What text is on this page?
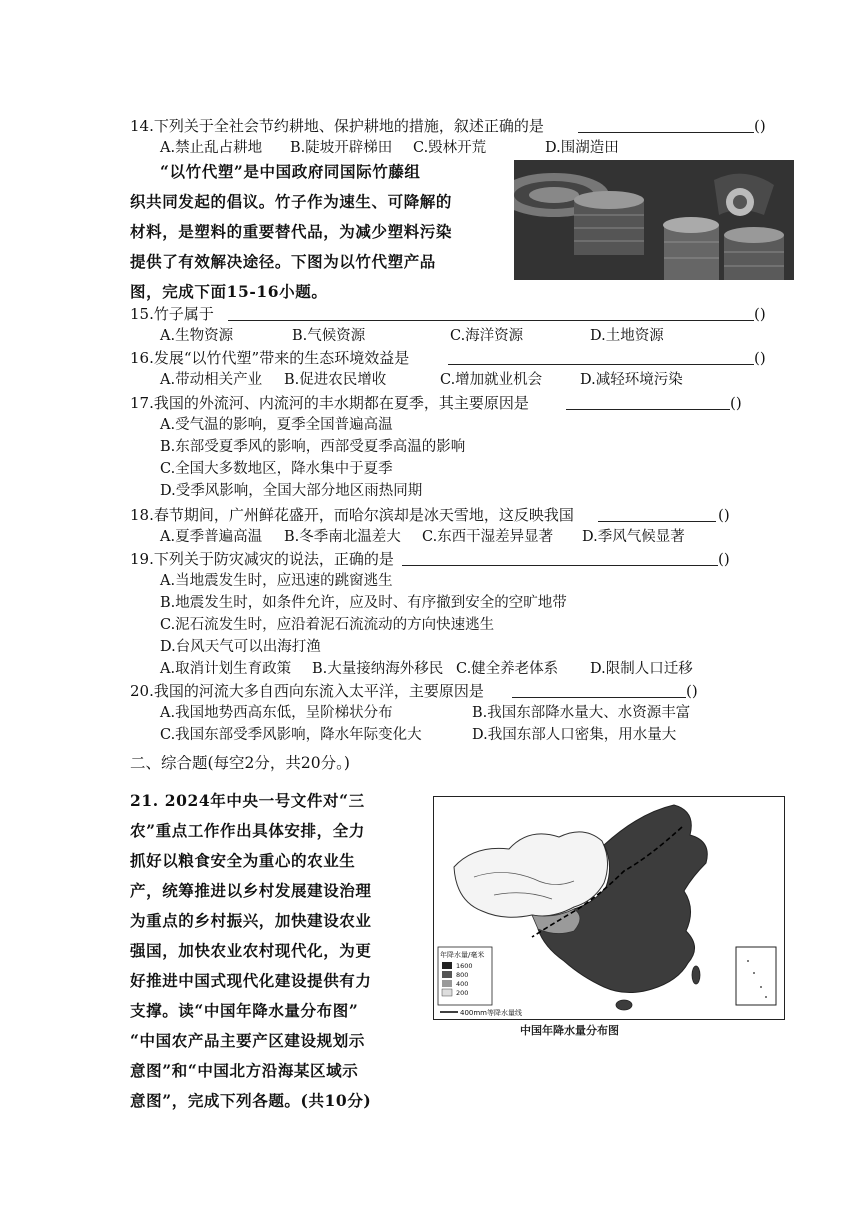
14.下列关于全社会节约耕地、保护耕地的措施，叙述正确的是	()
A.禁止乱占耕地 B.陡坡开辟梯田 C.毁林开荒	D.围湖造田
“以竹代塑”是中国政府同国际竹藤组
织共同发起的倡议。竹子作为速生、可降解的
材料，是塑料的重要替代品，为减少塑料污染
提供了有效解决途径。下图为以竹代塑产品
图，完成下面15-16小题。
15.竹子属于	()
A.生物资源	B.气候资源	C.海洋资源	D.土地资源
16.发展“以竹代塑”带来的生态环境效益是	()
A.带动相关产业 B.促进农民增收	C.增加就业机会	D.减轻环境污染
17.我国的外流河、内流河的丰水期都在夏季，其主要原因是	()
A.受气温的影响，夏季全国普遍高温
B.东部受夏季风的影响，西部受夏季高温的影响
C.全国大多数地区，降水集中于夏季
D.受季风影响，全国大部分地区雨热同期
18.春节期间，广州鲜花盛开，而哈尔滨却是冰天雪地，这反映我国	()
A.夏季普遍高温 B.冬季南北温差大 C.东西干湿差异显著 D.季风气候显著
19.下列关于防灾减灾的说法，正确的是	()
A.当地震发生时，应迅速的跳窗逃生
B.地震发生时，如条件允许，应及时、有序撤到安全的空旷地带
C.泥石流发生时，应沿着泥石流流动的方向快速逃生
D.台风天气可以出海打渔
A.取消计划生育政策 B.大量接纳海外移民 C.健全养老体系 D.限制人口迁移
20.我国的河流大多自西向东流入太平洋，主要原因是	()
A.我国地势西高东低，呈阶梯状分布	B.我国东部降水量大、水资源丰富
C.我国东部受季风影响，降水年际变化大	D.我国东部人口密集，用水量大
二、综合题(每空2分，共20分。)
21. 2024年中央一号文件对“三
农”重点工作作出具体安排，全力
抓好以粮食安全为重心的农业生
产，统筹推进以乡村发展建设治理
为重点的乡村振兴，加快建设农业
强国，加快农业农村现代化，为更
好推进中国式现代化建设提供有力
支撑。读“中国年降水量分布图”
“中国农产品主要产区建设规划示
意图”和“中国北方沿海某区域示
意图”，完成下列各题。(共10分)
年降水量/毫米
1600
800
400
200
400mm等降水量线
中国年降水量分布图
